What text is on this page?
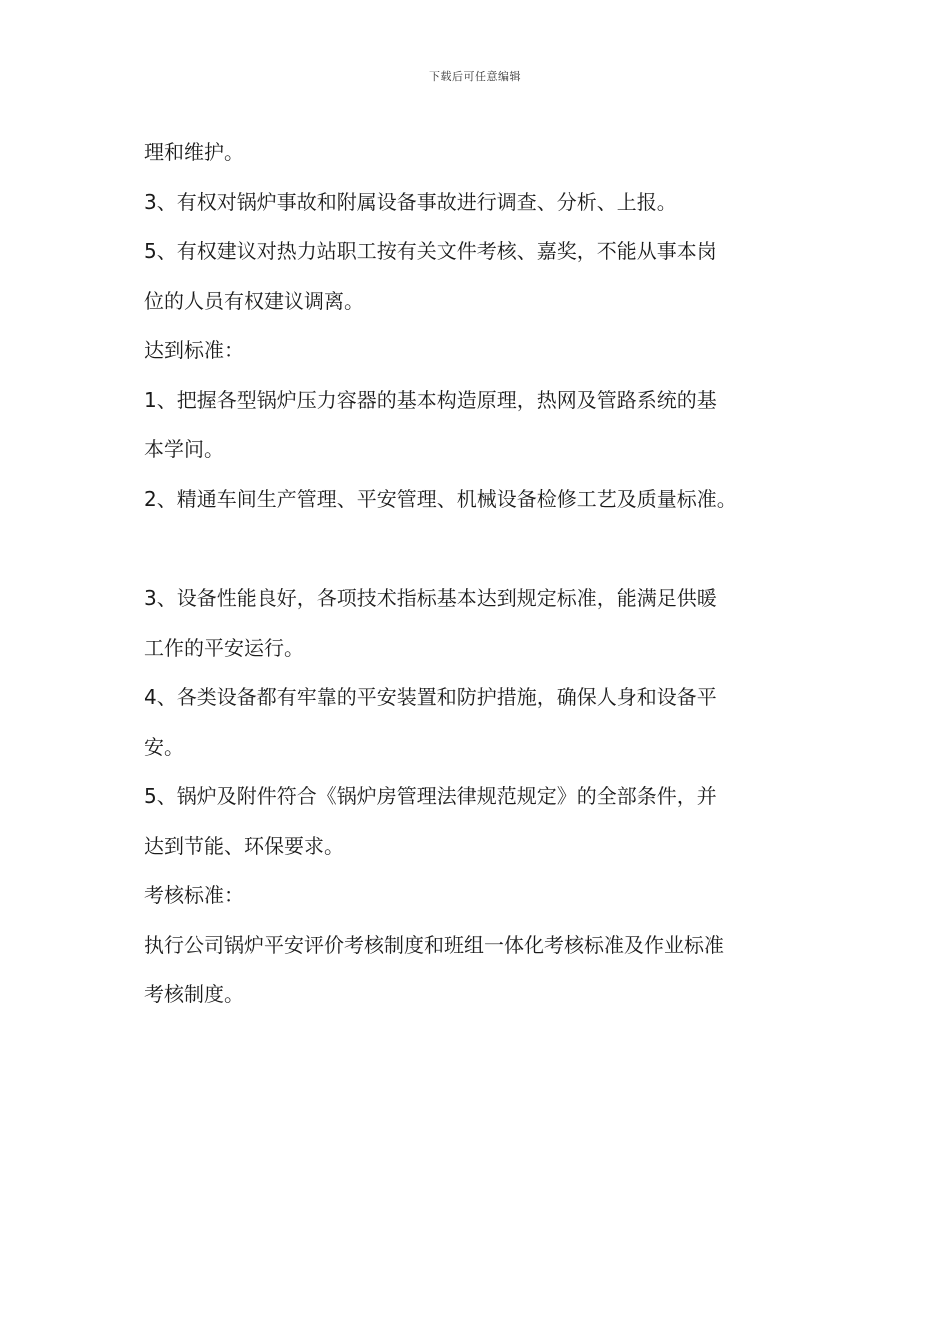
下载后可任意编辑
理和维护。
3、有权对锅炉事故和附属设备事故进行调查、分析、上报。
5、有权建议对热力站职工按有关文件考核、嘉奖，不能从事本岗
位的人员有权建议调离。
达到标准：
1、把握各型锅炉压力容器的基本构造原理，热网及管路系统的基
本学问。
2、精通车间生产管理、平安管理、机械设备检修工艺及质量标准。
3、设备性能良好，各项技术指标基本达到规定标准，能满足供暖
工作的平安运行。
4、各类设备都有牢靠的平安装置和防护措施，确保人身和设备平
安。
5、锅炉及附件符合《锅炉房管理法律规范规定》的全部条件，并
达到节能、环保要求。
考核标准：
执行公司锅炉平安评价考核制度和班组一体化考核标准及作业标准
考核制度。
